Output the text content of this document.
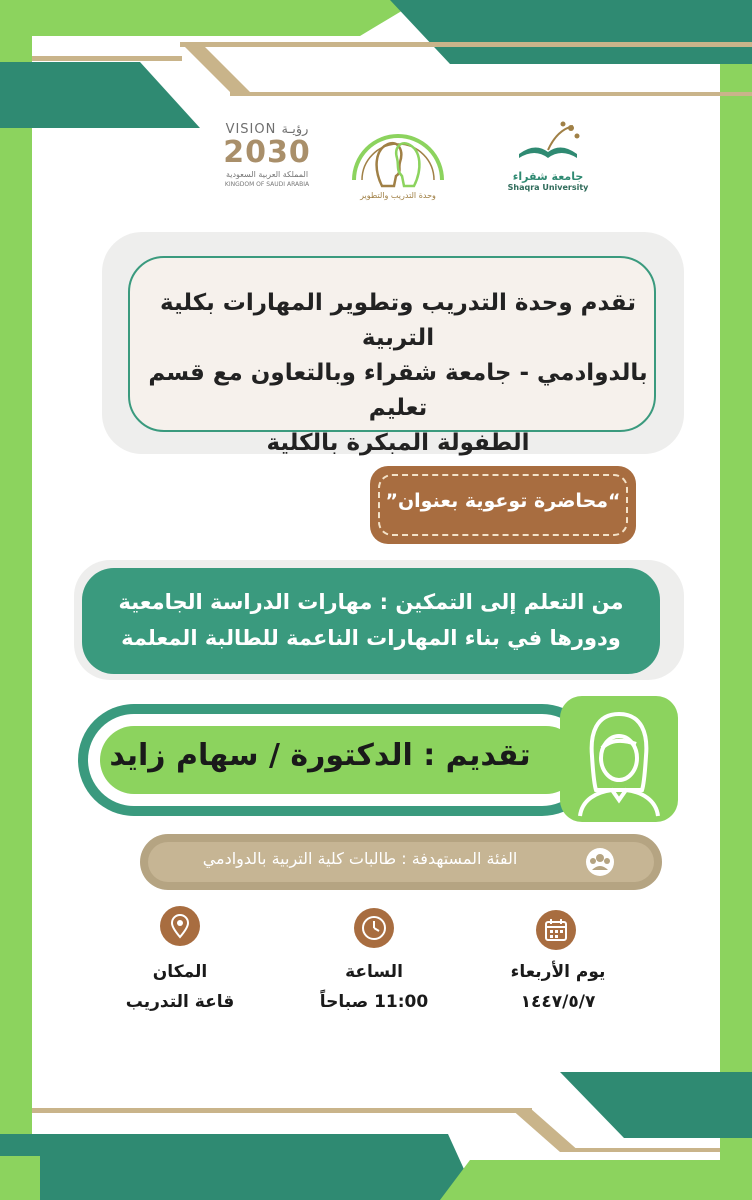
VISION رؤيـة
2030
المملكة العربية السعودية
KINGDOM OF SAUDI ARABIA
وحدة التدريب والتطوير
جامعة شقراء
Shaqra University
تقدم وحدة التدريب وتطوير المهارات بكلية التربية
بالدوادمي - جامعة شقراء وبالتعاون مع قسم تعليم
الطفولة المبكرة بالكلية
“محاضرة توعوية بعنوان”
من التعلم إلى التمكين : مهارات الدراسة الجامعية
ودورها في بناء المهارات الناعمة للطالبة المعلمة
تقديم : الدكتورة / سهام زايد
الفئة المستهدفة : طالبات كلية التربية بالدوادمي
يوم الأربعاء
١٤٤٧/٥/٧
الساعة
11:00 صباحاً
المكان
قاعة التدريب
